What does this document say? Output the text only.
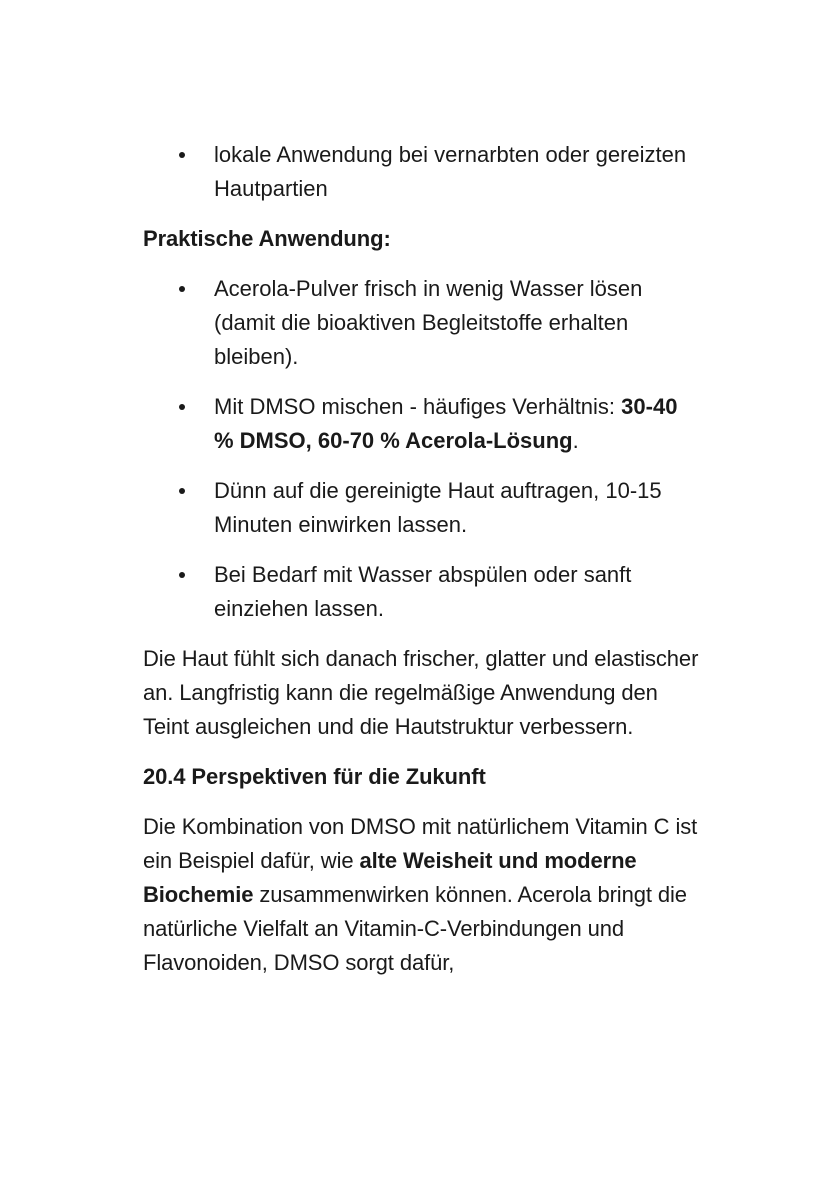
lokale Anwendung bei vernarbten oder gereizten Hautpartien

Praktische Anwendung:

Acerola-Pulver frisch in wenig Wasser lösen (damit die bioaktiven Begleitstoffe erhalten bleiben).
Mit DMSO mischen - häufiges Verhältnis: 30-40 % DMSO, 60-70 % Acerola-Lösung.
Dünn auf die gereinigte Haut auftragen, 10-15 Minuten einwirken lassen.
Bei Bedarf mit Wasser abspülen oder sanft einziehen lassen.

Die Haut fühlt sich danach frischer, glatter und elastischer an. Langfristig kann die regelmäßige Anwendung den Teint ausgleichen und die Hautstruktur verbessern.

20.4 Perspektiven für die Zukunft

Die Kombination von DMSO mit natürlichem Vitamin C ist ein Beispiel dafür, wie alte Weisheit und moderne Biochemie zusammenwirken können. Acerola bringt die natürliche Vielfalt an Vitamin-C-Verbindungen und Flavonoiden, DMSO sorgt dafür,
